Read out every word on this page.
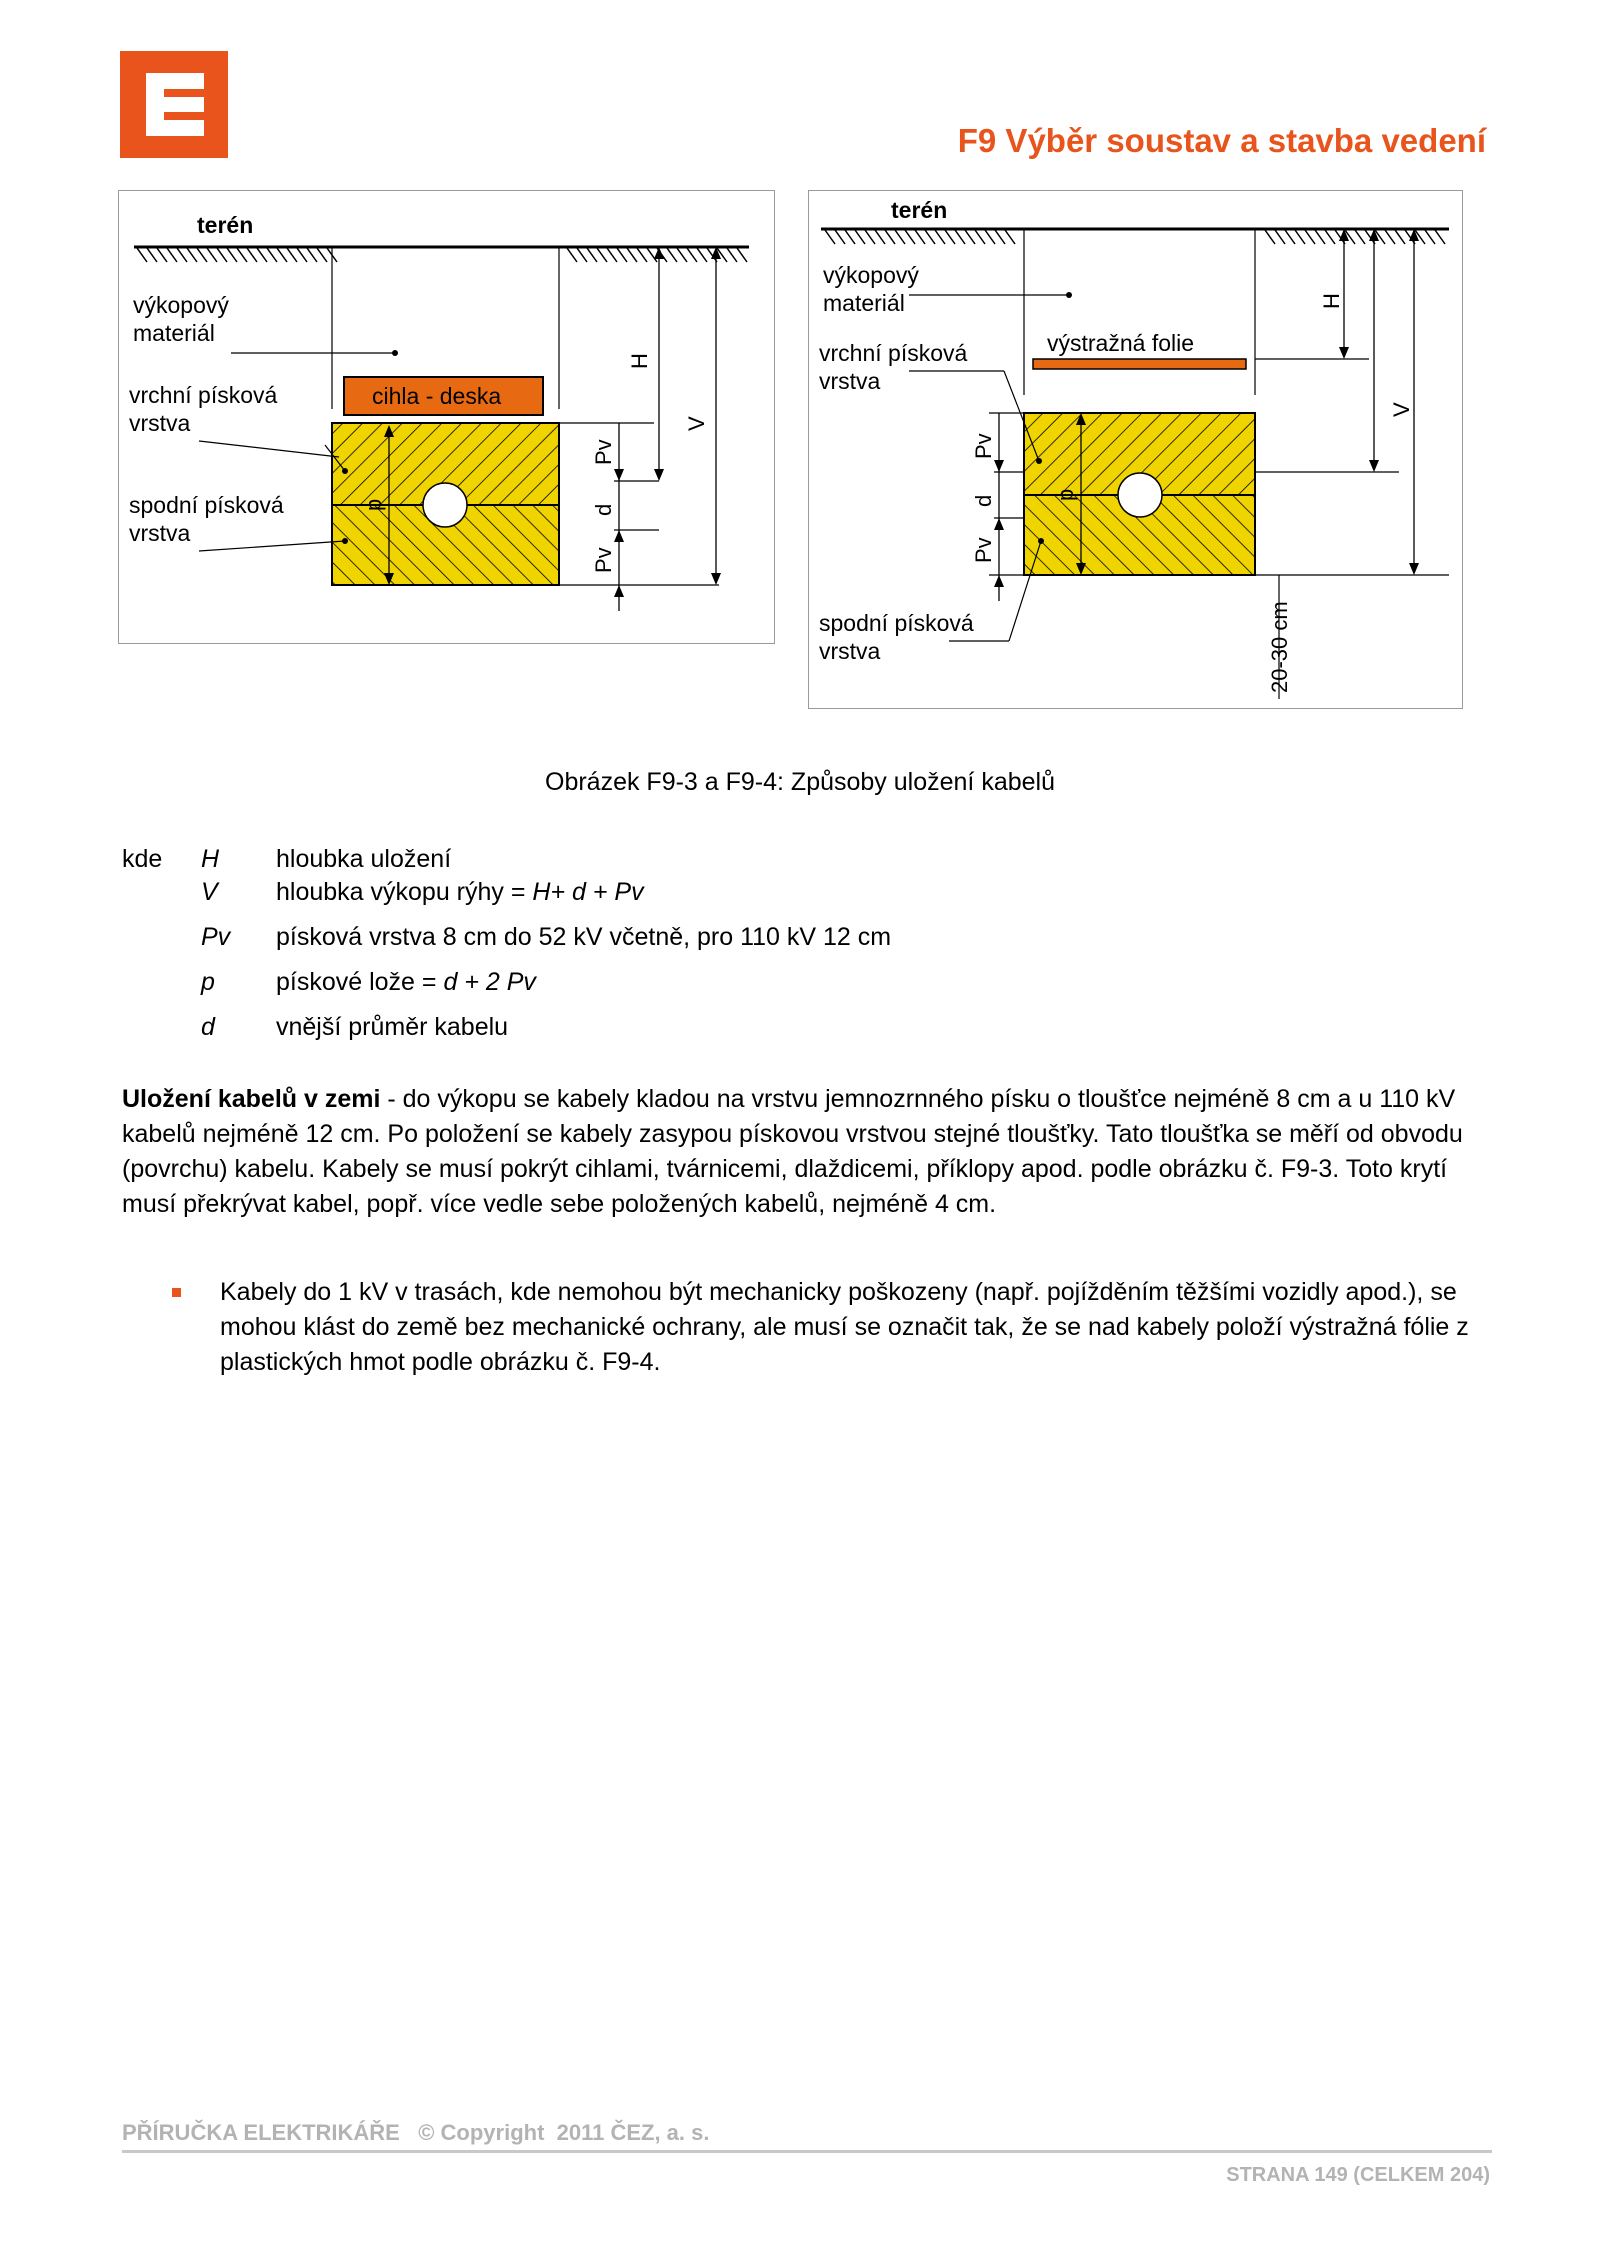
F9 Výběr soustav a stavba vedení
terén
cihla - deska
p
výkopový
materiál
vrchní písková
vrstva
spodní písková
vrstva
H
V
Pv
d
Pv
terén
výstražná folie
p
Pv
d
Pv
výkopový
materiál
vrchní písková
vrstva
spodní písková
vrstva
H
V
20-30 cm
Obrázek F9-3 a F9-4: Způsoby uložení kabelů
kde H hloubka uložení
V hloubka výkopu rýhy = H+ d + Pv
Pv písková vrstva 8 cm do 52 kV včetně, pro 110 kV 12 cm
p pískové lože = d + 2 Pv
d vnější průměr kabelu
Uložení kabelů v zemi - do výkopu se kabely kladou na vrstvu jemnozrnného písku o tloušťce nejméně 8 cm a u 110 kV kabelů nejméně 12 cm. Po položení se kabely zasypou pískovou vrstvou stejné tloušťky. Tato tloušťka se měří od obvodu (povrchu) kabelu. Kabely se musí pokrýt cihlami, tvárnicemi, dlaždicemi, příklopy apod. podle obrázku č. F9-3. Toto krytí musí překrývat kabel, popř. více vedle sebe položených kabelů, nejméně 4 cm.
Kabely do 1 kV v trasách, kde nemohou být mechanicky poškozeny (např. pojížděním těžšími vozidly apod.), se mohou klást do země bez mechanické ochrany, ale musí se označit tak, že se nad kabely položí výstražná fólie z plastických hmot podle obrázku č. F9-4.
PŘÍRUČKA ELEKTRIKÁŘE   © Copyright  2011 ČEZ, a. s.
STRANA 149 (CELKEM 204)
